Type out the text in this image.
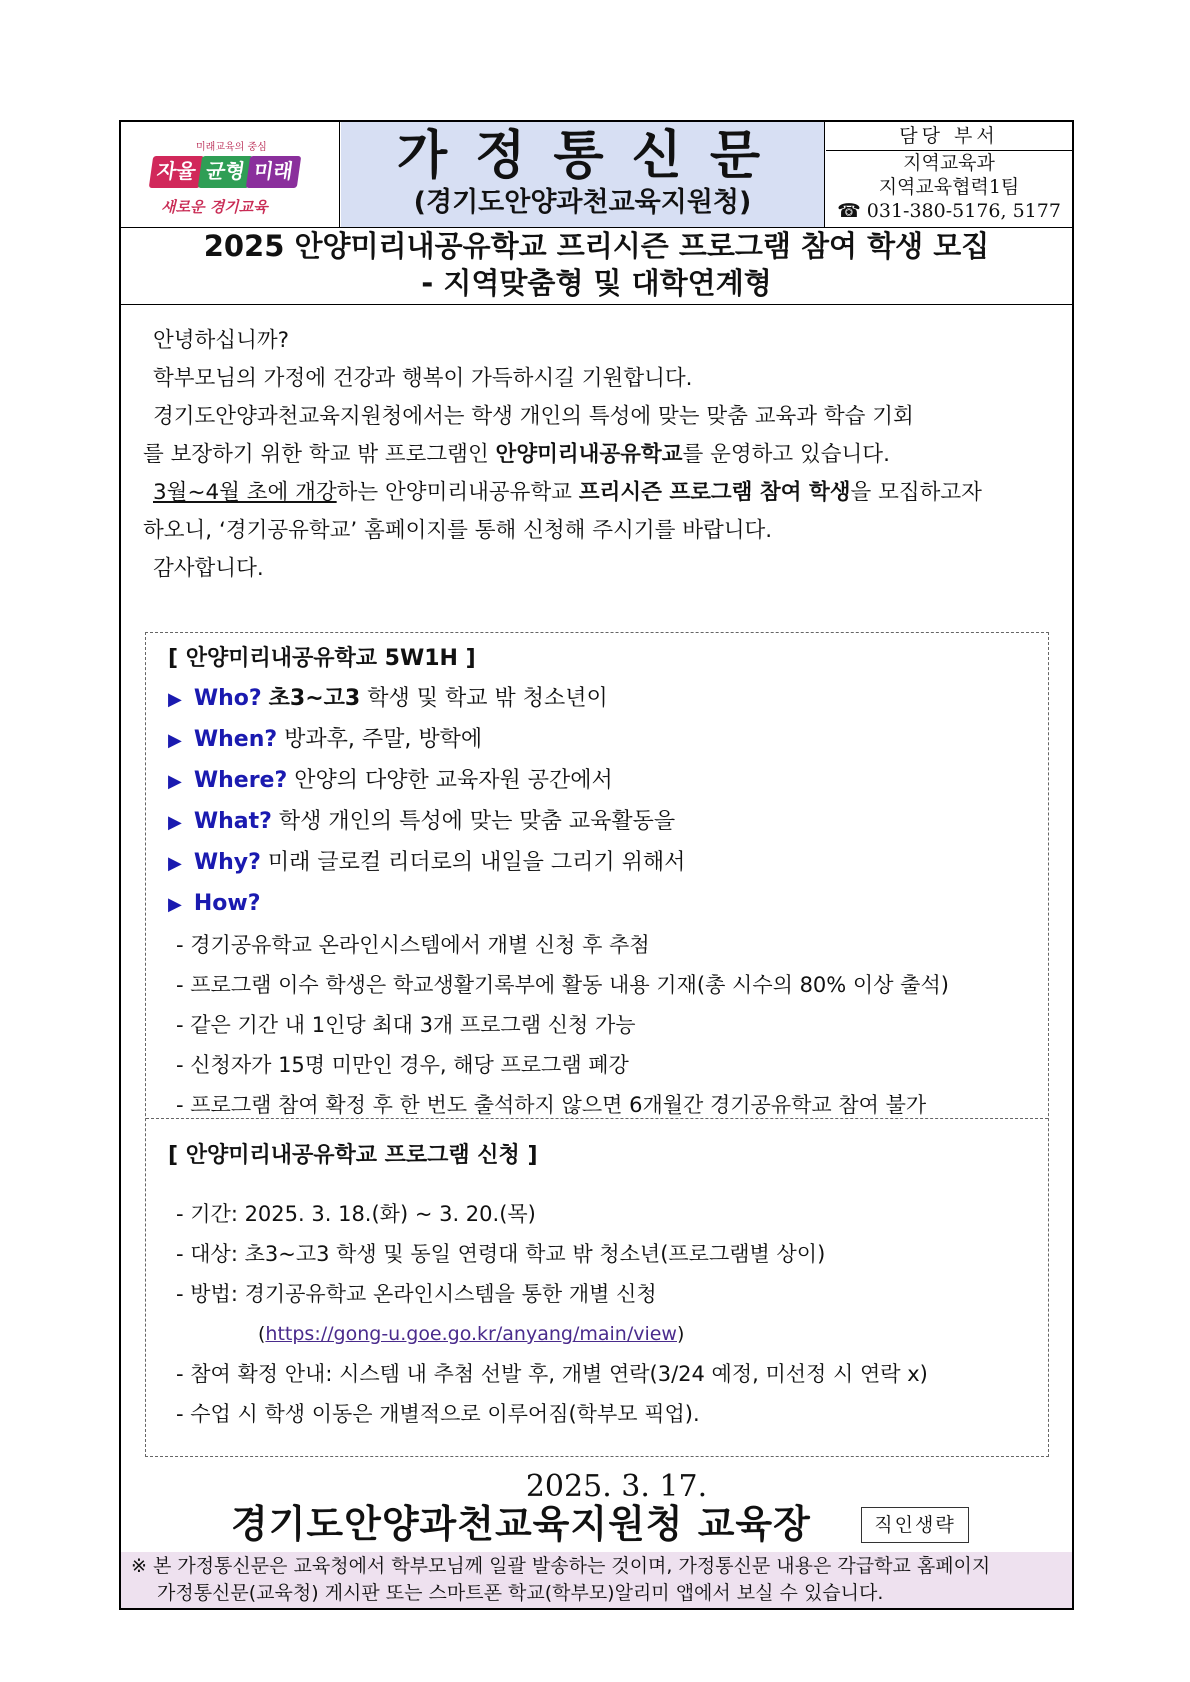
미래교육의 중심
자율 균형 미래
새로운 경기교육
가정통신문
(경기도안양과천교육지원청)
담당 부서
지역교육과
지역교육협력1팀
☎ 031-380-5176, 5177
2025 안양미리내공유학교 프리시즌 프로그램 참여 학생 모집
- 지역맞춤형 및 대학연계형

안녕하십니까?

학부모님의 가정에 건강과 행복이 가득하시길 기원합니다.

경기도안양과천교육지원청에서는 학생 개인의 특성에 맞는 맞춤 교육과 학습 기회

를 보장하기 위한 학교 밖 프로그램인 안양미리내공유학교를 운영하고 있습니다.

3월~4월 초에 개강하는 안양미리내공유학교 프리시즌 프로그램 참여 학생을 모집하고자

하오니, ‘경기공유학교’ 홈페이지를 통해 신청해 주시기를 바랍니다.

감사합니다.

[ 안양미리내공유학교 5W1H ]
▶ Who? 초3~고3 학생 및 학교 밖 청소년이
▶ When? 방과후, 주말, 방학에
▶ Where? 안양의 다양한 교육자원 공간에서
▶ What? 학생 개인의 특성에 맞는 맞춤 교육활동을
▶ Why? 미래 글로컬 리더로의 내일을 그리기 위해서
▶ How?
- 경기공유학교 온라인시스템에서 개별 신청 후 추첨
- 프로그램 이수 학생은 학교생활기록부에 활동 내용 기재(총 시수의 80% 이상 출석)
- 같은 기간 내 1인당 최대 3개 프로그램 신청 가능
- 신청자가 15명 미만인 경우, 해당 프로그램 폐강
- 프로그램 참여 확정 후 한 번도 출석하지 않으면 6개월간 경기공유학교 참여 불가
[ 안양미리내공유학교 프로그램 신청 ]
- 기간: 2025. 3. 18.(화) ~ 3. 20.(목)
- 대상: 초3~고3 학생 및 동일 연령대 학교 밖 청소년(프로그램별 상이)
- 방법: 경기공유학교 온라인시스템을 통한 개별 신청
(https://gong-u.goe.go.kr/anyang/main/view)
- 참여 확정 안내: 시스템 내 추첨 선발 후, 개별 연락(3/24 예정, 미선정 시 연락 x)
- 수업 시 학생 이동은 개별적으로 이루어짐(학부모 픽업).
2025. 3. 17.
경기도안양과천교육지원청 교육장	직인생략
※ 본 가정통신문은 교육청에서 학부모님께 일괄 발송하는 것이며, 가정통신문 내용은 각급학교 홈페이지
가정통신문(교육청) 게시판 또는 스마트폰 학교(학부모)알리미 앱에서 보실 수 있습니다.
